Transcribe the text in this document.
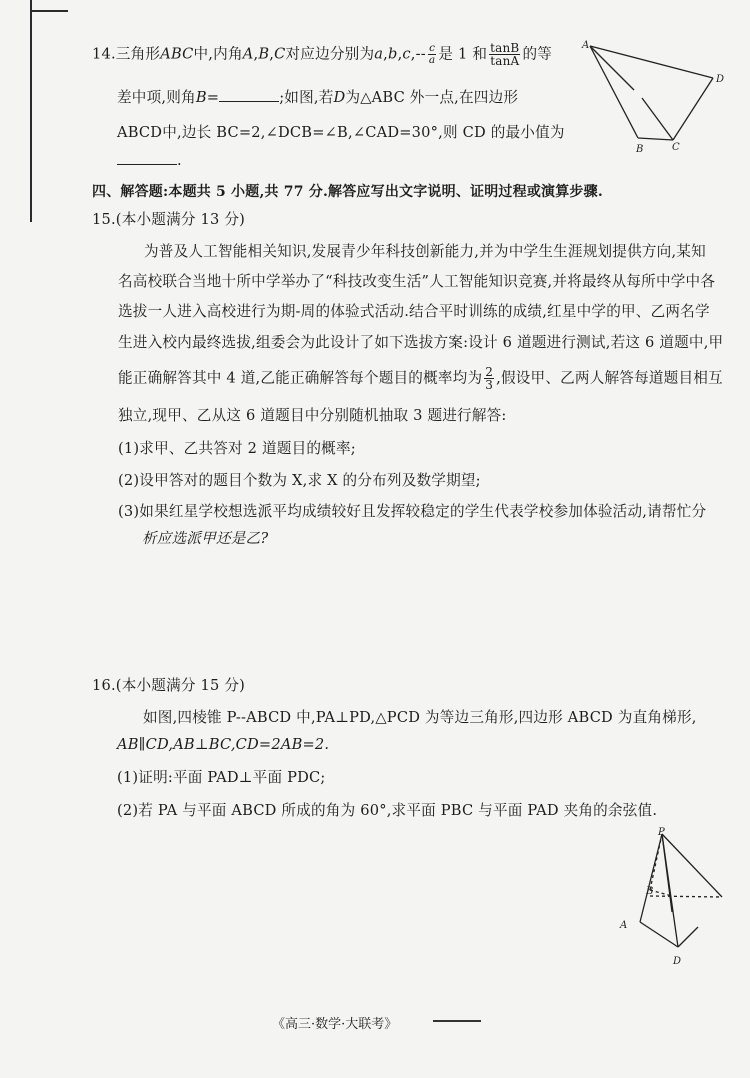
14.三角形ABC中,内角A,B,C对应边分别为$a,b,c,-- \frac{c}{a}$ 是 1 和 $\frac{\tan B}{\tan A}$ 的等
差中项,则角B=	;如图,若D为△ABC 外一点,在四边形
ABCD中,边长 BC=2,∠DCB=∠B,∠CAD=30°,则 CD 的最小值为
.
A
B	C
D
四、解答题:本题共 5 小题,共 77 分.解答应写出文字说明、证明过程或演算步骤.
15.(本小题满分 13 分)
为普及人工智能相关知识,发展青少年科技创新能力,并为中学生生涯规划提供方向,某知
名高校联合当地十所中学举办了“科技改变生活”人工智能知识竞赛,并将最终从每所中学中各
选拔一人进入高校进行为期-周的体验式活动.结合平时训练的成绩,红星中学的甲、乙两名学
生进入校内最终选拔,组委会为此设计了如下选拔方案:设计 6 道题进行测试,若这 6 道题中,甲
能正确解答其中 4 道,乙能正确解答每个题目的概率均为 $\frac{2}{3}$ ,假设甲、乙两人解答每道题目相互
独立,现甲、乙从这 6 道题目中分别随机抽取 3 题进行解答:
(1)求甲、乙共答对 2 道题目的概率;
(2)设甲答对的题目个数为 X,求 X 的分布列及数学期望;
(3)如果红星学校想选派平均成绩较好且发挥较稳定的学生代表学校参加体验活动,请帮忙分
析应选派甲还是乙?
16.(本小题满分 15 分)
如图,四棱锥 P--ABCD 中,PA⊥PD,△PCD 为等边三角形,四边形 ABCD 为直角梯形,
AB∥CD,AB⊥BC,CD=2AB=2.
(1)证明:平面 PAD⊥平面 PDC;
(2)若 PA 与平面 ABCD 所成的角为 60°,求平面 PBC 与平面 PAD 夹角的余弦值.
P
B
A
D
《高三·数学·大联考》
